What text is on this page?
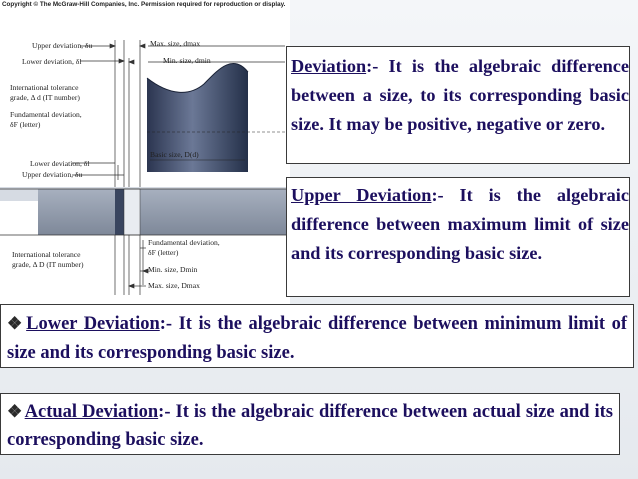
Copyright © The McGraw-Hill Companies, Inc. Permission required for reproduction or display.
Upper deviation, δu
Lower deviation, δl
Max. size, dmax
Min. size, dmin
International tolerance
grade, Δ d (IT number)
Fundamental deviation,
δF (letter)
Basic size, D(d)
Lower deviation, δl
Upper deviation, δu
International tolerance
grade, Δ D (IT number)
Fundamental deviation,
δF (letter)
Min. size, Dmin
Max. size, Dmax
Deviation:- It is the algebraic difference between a size, to its corresponding basic size. It may be positive, negative or zero.
Upper Deviation:- It is the algebraic difference between maximum limit of size and its corresponding basic size.
❖ Lower Deviation:- It is the algebraic difference between minimum limit of size and its corresponding basic size.
❖ Actual Deviation:- It is the algebraic difference between actual size and its corresponding basic size.
